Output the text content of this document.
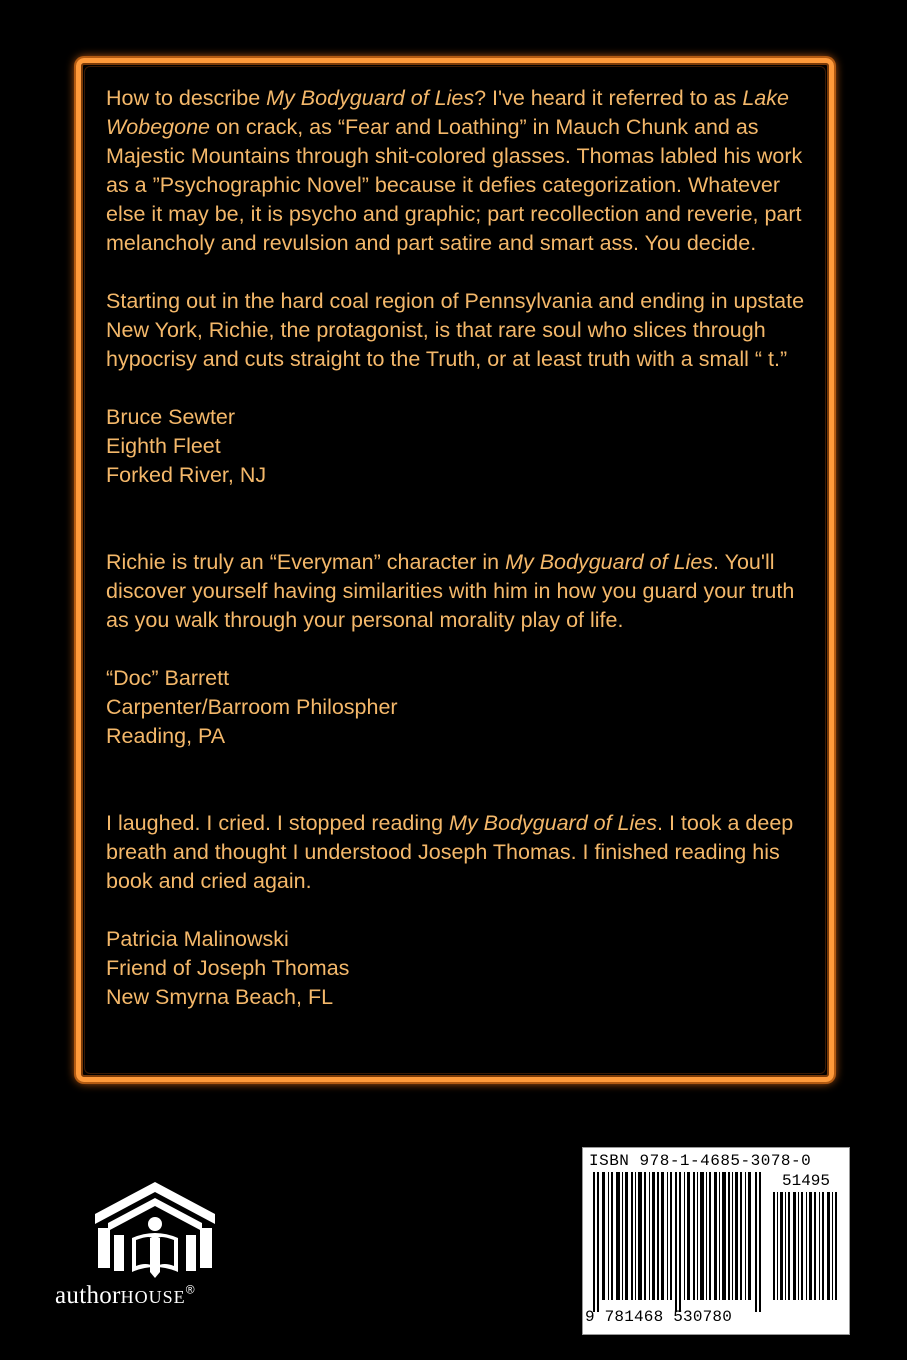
How to describe My Bodyguard of Lies? I've heard it referred to as Lake Wobegone on crack, as “Fear and Loathing” in Mauch Chunk and as Majestic Mountains through shit-colored glasses. Thomas labled his work as a ”Psychographic Novel” because it defies categorization. Whatever else it may be, it is psycho and graphic; part recollection and reverie, part melancholy and revulsion and part satire and smart ass. You decide.

Starting out in the hard coal region of Pennsylvania and ending in upstate New York, Richie, the protagonist, is that rare soul who slices through hypocrisy and cuts straight to the Truth, or at least truth with a small “ t.”

Bruce Sewter

Eighth Fleet

Forked River, NJ

Richie is truly an “Everyman” character in My Bodyguard of Lies. You'll discover yourself having similarities with him in how you guard your truth as you walk through your personal morality play of life.

“Doc” Barrett

Carpenter/Barroom Philospher

Reading, PA

I laughed. I cried. I stopped reading My Bodyguard of Lies. I took a deep breath and thought I understood Joseph Thomas. I finished reading his book and cried again.

Patricia Malinowski

Friend of Joseph Thomas

New Smyrna Beach, FL

authorHOUSE®
ISBN 978-1-4685-3078-0
51495
9 781468 530780
